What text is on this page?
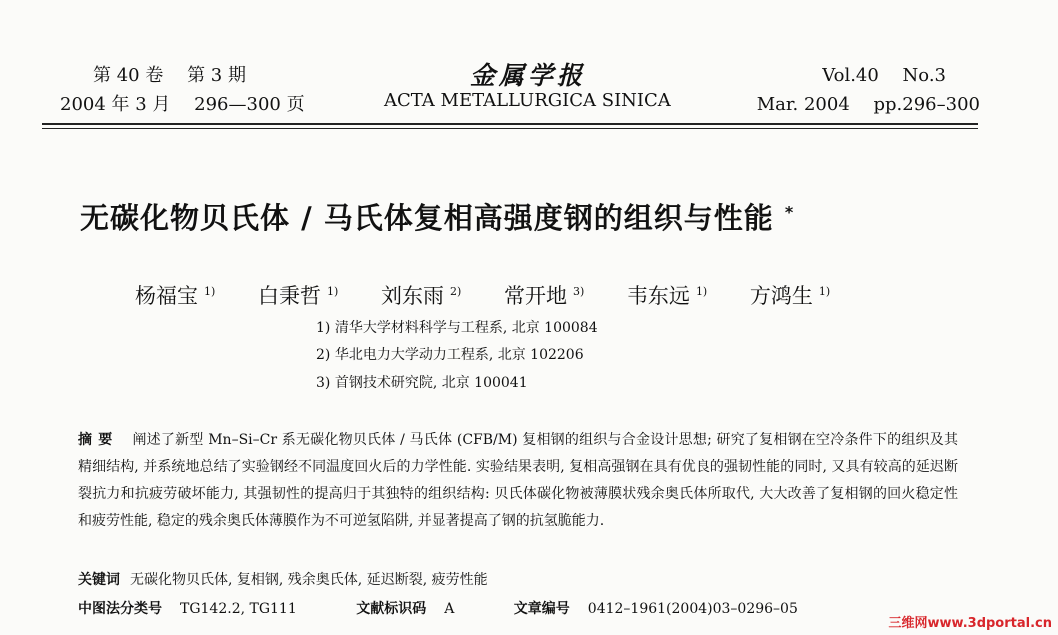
第 40 卷　 第 3 期
2004 年 3 月　 296—300 页
金属学报
ACTA METALLURGICA SINICA
Vol.40　 No.3
Mar. 2004　 pp.296–300
无碳化物贝氏体 / 马氏体复相高强度钢的组织与性能 *
杨福宝 $^{1)}$ 白秉哲 $^{1)}$ 刘东雨 $^{2)}$ 常开地 $^{3)}$ 韦东远 $^{1)}$ 方鸿生 $^{1)}$
1) 清华大学材料科学与工程系, 北京 100084
2) 华北电力大学动力工程系, 北京 102206
3) 首钢技术研究院, 北京 100041
摘要 阐述了新型 Mn–Si–Cr 系无碳化物贝氏体 / 马氏体 (CFB/M) 复相钢的组织与合金设计思想; 研究了复相钢在空冷条件下的组织及其精细结构, 并系统地总结了实验钢经不同温度回火后的力学性能. 实验结果表明, 复相高强钢在具有优良的强韧性能的同时, 又具有较高的延迟断裂抗力和抗疲劳破坏能力, 其强韧性的提高归于其独特的组织结构: 贝氏体碳化物被薄膜状残余奥氏体所取代, 大大改善了复相钢的回火稳定性和疲劳性能, 稳定的残余奥氏体薄膜作为不可逆氢陷阱, 并显著提高了钢的抗氢脆能力.
关键词 无碳化物贝氏体, 复相钢, 残余奥氏体, 延迟断裂, 疲劳性能
中图法分类号 TG142.2, TG111	文献标识码 A	文章编号 0412–1961(2004)03–0296–05
三维网www.3dportal.cn
